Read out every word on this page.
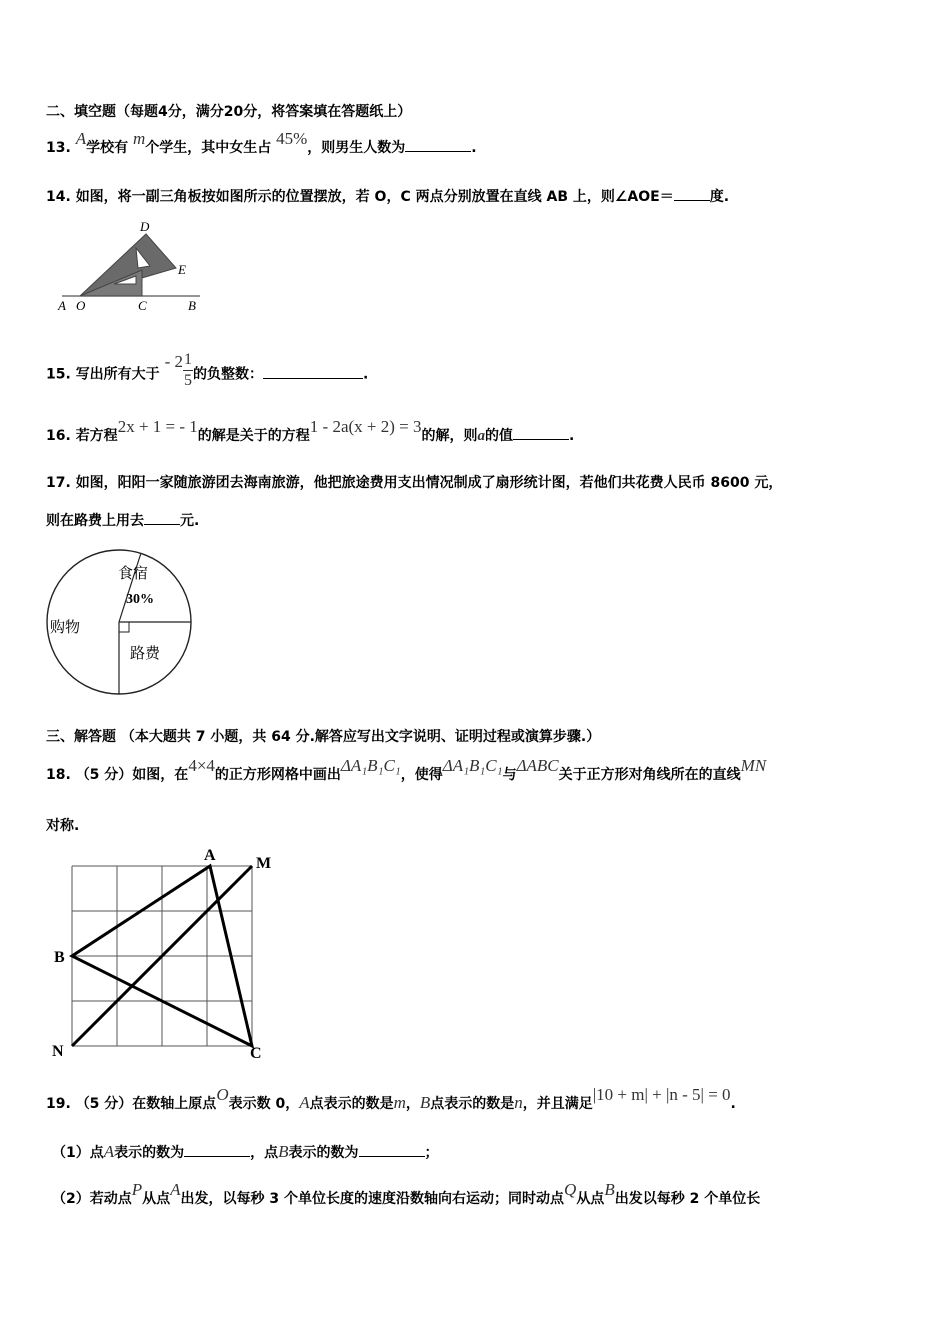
二、填空题（每题4分，满分20分，将答案填在答题纸上）
13. A学校有 m个学生，其中女生占 45%，则男生人数为	.
14. 如图，将一副三角板按如图所示的位置摆放，若 O，C 两点分别放置在直线 AB 上，则∠AOE＝	度.
A O	C	B
D
E
15. 写出所有大于 - $2 \frac{1}{5}$ 的负整数：	.
16. 若方程2x + 1 = - 1的解是关于的方程1 - 2a(x + 2) = 3的解，则a的值	.
17. 如图，阳阳一家随旅游团去海南旅游，他把旅途费用支出情况制成了扇形统计图，若他们共花费人民币 8600 元，
则在路费上用去	元.
食宿
30%
购物
路费
三、解答题 （本大题共 7 小题，共 64 分.解答应写出文字说明、证明过程或演算步骤.）
18. （5 分）如图，在4×4的正方形网格中画出ΔA₁B₁C₁，使得ΔA₁B₁C₁与ΔABC关于正方形对角线所在的直线MN
对称.
A	M
B
N	C
19. （5 分）在数轴上原点O表示数 0，A点表示的数是m，B点表示的数是n，并且满足|10 + m| + |n - 5| = 0.
（1）点A表示的数为	，点B表示的数为	；
（2）若动点P从点A出发，以每秒 3 个单位长度的速度沿数轴向右运动；同时动点Q从点B出发以每秒 2 个单位长
